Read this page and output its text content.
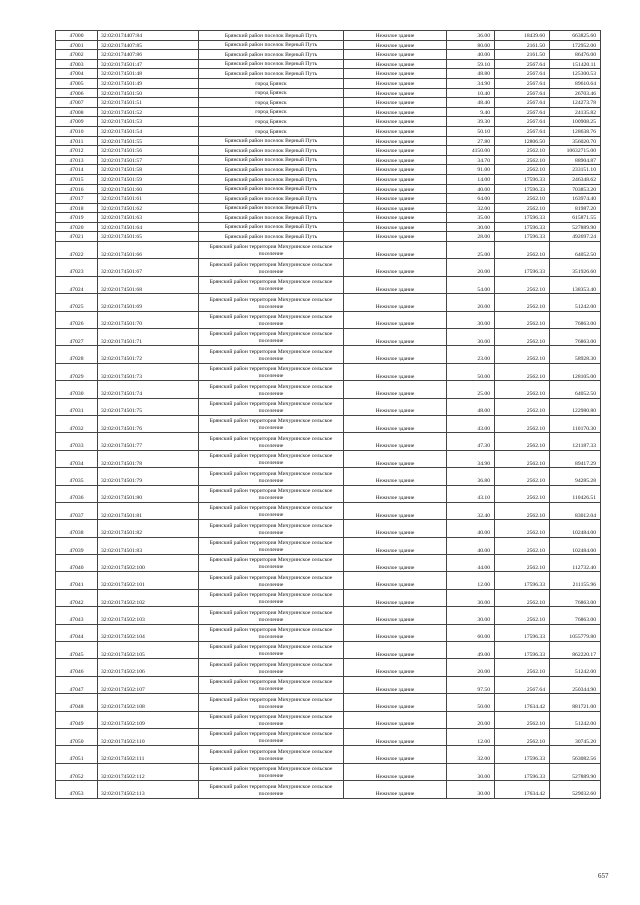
47000	32:02:0174407:84	Брянский район поселок Верный Путь	Нежилое здание	36.00	18439.60	663825.60
47001	32:02:0174407:85	Брянский район поселок Верный Путь	Нежилое здание	80.00	2161.50	172952.00
47002	32:02:0174407:86	Брянский район поселок Верный Путь	Нежилое здание	40.00	2161.50	86476.00
47003	32:02:0174501:47	Брянский район поселок Верный Путь	Нежилое здание	59.10	2567.64	151420.11
47004	32:02:0174501:48	Брянский район поселок Верный Путь	Нежилое здание	48.80	2567.64	125300.53
47005	32:02:0174501:49	город Брянск	Нежилое здание	34.90	2567.64	89610.64
47006	32:02:0174501:50	город Брянск	Нежилое здание	10.40	2567.64	26703.46
47007	32:02:0174501:51	город Брянск	Нежилое здание	48.40	2567.64	124273.78
47008	32:02:0174501:52	город Брянск	Нежилое здание	9.40	2567.64	24135.82
47009	32:02:0174501:53	город Брянск	Нежилое здание	39.30	2567.64	100908.25
47010	32:02:0174501:54	город Брянск	Нежилое здание	50.10	2567.64	128638.76
47011	32:02:0174501:55	Брянский район поселок Верный Путь	Нежилое здание	27.80	12806.50	356020.70
47012	32:02:0174501:56	Брянский район поселок Верный Путь	Нежилое здание	4150.00	2562.10	10632715.00
47013	32:02:0174501:57	Брянский район поселок Верный Путь	Нежилое здание	34.70	2562.10	88904.87
47014	32:02:0174501:58	Брянский район поселок Верный Путь	Нежилое здание	91.00	2562.10	233151.10
47015	32:02:0174501:59	Брянский район поселок Верный Путь	Нежилое здание	14.00	17596.33	246348.62
47016	32:02:0174501:60	Брянский район поселок Верный Путь	Нежилое здание	40.00	17596.33	703853.20
47017	32:02:0174501:61	Брянский район поселок Верный Путь	Нежилое здание	64.00	2562.10	163974.40
47018	32:02:0174501:62	Брянский район поселок Верный Путь	Нежилое здание	32.00	2562.10	81987.20
47019	32:02:0174501:63	Брянский район поселок Верный Путь	Нежилое здание	35.00	17596.33	615871.55
47020	32:02:0174501:64	Брянский район поселок Верный Путь	Нежилое здание	30.00	17596.33	527889.90
47021	32:02:0174501:65	Брянский район поселок Верный Путь	Нежилое здание	28.00	17596.33	492697.24
47022	32:02:0174501:66	Брянский район территория Мичуринское сельское поселение	Нежилое здание	25.00	2562.10	64052.50
47023	32:02:0174501:67	Брянский район территория Мичуринское сельское поселение	Нежилое здание	20.00	17596.33	351926.60
47024	32:02:0174501:68	Брянский район территория Мичуринское сельское поселение	Нежилое здание	54.00	2562.10	138353.40
47025	32:02:0174501:69	Брянский район территория Мичуринское сельское поселение	Нежилое здание	20.00	2562.10	51242.00
47026	32:02:0174501:70	Брянский район территория Мичуринское сельское поселение	Нежилое здание	30.00	2562.10	76863.00
47027	32:02:0174501:71	Брянский район территория Мичуринское сельское поселение	Нежилое здание	30.00	2562.10	76863.00
47028	32:02:0174501:72	Брянский район территория Мичуринское сельское поселение	Нежилое здание	23.00	2562.10	58928.30
47029	32:02:0174501:73	Брянский район территория Мичуринское сельское поселение	Нежилое здание	50.00	2562.10	128105.00
47030	32:02:0174501:74	Брянский район территория Мичуринское сельское поселение	Нежилое здание	25.00	2562.10	64052.50
47031	32:02:0174501:75	Брянский район территория Мичуринское сельское поселение	Нежилое здание	48.00	2562.10	122980.80
47032	32:02:0174501:76	Брянский район территория Мичуринское сельское поселение	Нежилое здание	43.00	2562.10	110170.30
47033	32:02:0174501:77	Брянский район территория Мичуринское сельское поселение	Нежилое здание	47.30	2562.10	121187.33
47034	32:02:0174501:78	Брянский район территория Мичуринское сельское поселение	Нежилое здание	34.90	2562.10	89417.29
47035	32:02:0174501:79	Брянский район территория Мичуринское сельское поселение	Нежилое здание	36.80	2562.10	94285.28
47036	32:02:0174501:80	Брянский район территория Мичуринское сельское поселение	Нежилое здание	43.10	2562.10	110426.51
47037	32:02:0174501:81	Брянский район территория Мичуринское сельское поселение	Нежилое здание	32.40	2562.10	83012.04
47038	32:02:0174501:82	Брянский район территория Мичуринское сельское поселение	Нежилое здание	40.00	2562.10	102484.00
47039	32:02:0174501:83	Брянский район территория Мичуринское сельское поселение	Нежилое здание	40.00	2562.10	102484.00
47040	32:02:0174502:100	Брянский район территория Мичуринское сельское поселение	Нежилое здание	44.00	2562.10	112732.40
47041	32:02:0174502:101	Брянский район территория Мичуринское сельское поселение	Нежилое здание	12.00	17596.33	211155.96
47042	32:02:0174502:102	Брянский район территория Мичуринское сельское поселение	Нежилое здание	30.00	2562.10	76863.00
47043	32:02:0174502:103	Брянский район территория Мичуринское сельское поселение	Нежилое здание	30.00	2562.10	76863.00
47044	32:02:0174502:104	Брянский район территория Мичуринское сельское поселение	Нежилое здание	60.00	17596.33	1055779.80
47045	32:02:0174502:105	Брянский район территория Мичуринское сельское поселение	Нежилое здание	49.00	17596.33	862220.17
47046	32:02:0174502:106	Брянский район территория Мичуринское сельское поселение	Нежилое здание	20.00	2562.10	51242.00
47047	32:02:0174502:107	Брянский район территория Мичуринское сельское поселение	Нежилое здание	97.50	2567.64	250344.90
47048	32:02:0174502:108	Брянский район территория Мичуринское сельское поселение	Нежилое здание	50.00	17634.42	881721.00
47049	32:02:0174502:109	Брянский район территория Мичуринское сельское поселение	Нежилое здание	20.00	2562.10	51242.00
47050	32:02:0174502:110	Брянский район территория Мичуринское сельское поселение	Нежилое здание	12.00	2562.10	30745.20
47051	32:02:0174502:111	Брянский район территория Мичуринское сельское поселение	Нежилое здание	32.00	17596.33	563082.56
47052	32:02:0174502:112	Брянский район территория Мичуринское сельское поселение	Нежилое здание	30.00	17596.33	527889.90
47053	32:02:0174502:113	Брянский район территория Мичуринское сельское поселение	Нежилое здание	30.00	17634.42	529032.60
657
